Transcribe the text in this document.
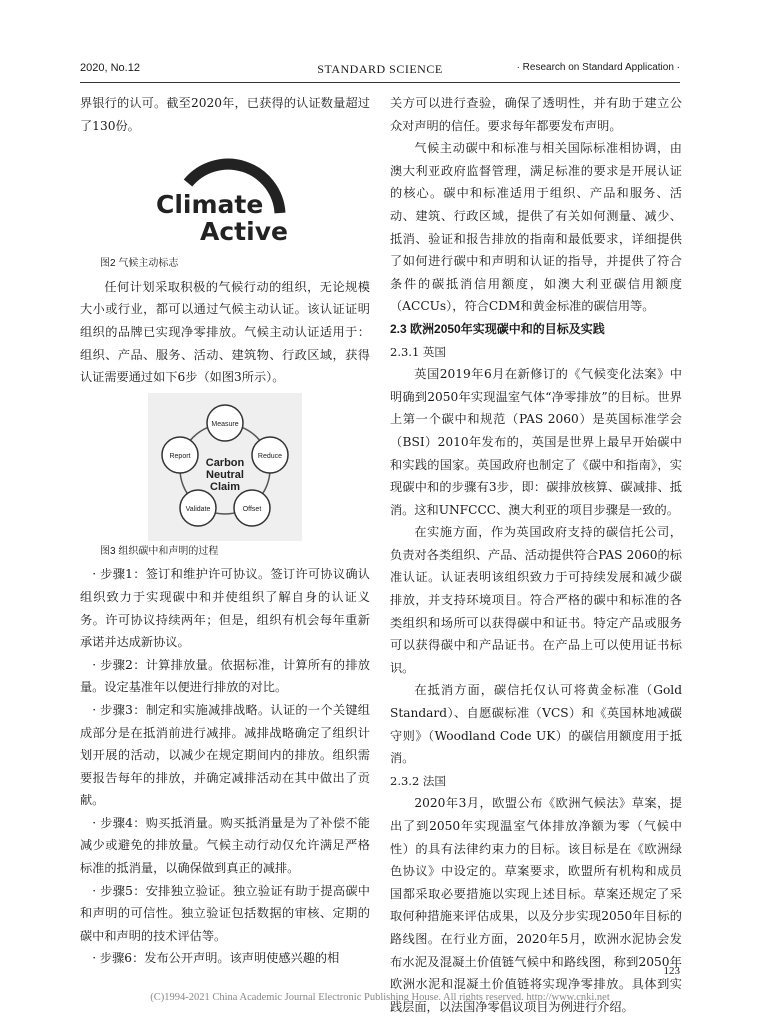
2020, No.12	STANDARD SCIENCE	· Research on Standard Application ·

界银行的认可。截至2020年，已获得的认证数量超过了130份。

Climate
Active

图2 气候主动标志

任何计划采取积极的气候行动的组织，无论规模大小或行业，都可以通过气候主动认证。该认证证明组织的品牌已实现净零排放。气候主动认证适用于：组织、产品、服务、活动、建筑物、行政区域，获得认证需要通过如下6步（如图3所示）。

Carbon
Neutral
Claim
Measure
Reduce
Offset
Validate
Report

图3 组织碳中和声明的过程

· 步骤1：签订和维护许可协议。签订许可协议确认组织致力于实现碳中和并使组织了解自身的认证义务。许可协议持续两年；但是，组织有机会每年重新承诺并达成新协议。

· 步骤2：计算排放量。依据标准，计算所有的排放量。设定基准年以便进行排放的对比。

· 步骤3：制定和实施减排战略。认证的一个关键组成部分是在抵消前进行减排。减排战略确定了组织计划开展的活动，以减少在规定期间内的排放。组织需要报告每年的排放，并确定减排活动在其中做出了贡献。

· 步骤4：购买抵消量。购买抵消量是为了补偿不能减少或避免的排放量。气候主动行动仅允许满足严格标准的抵消量，以确保做到真正的减排。

· 步骤5：安排独立验证。独立验证有助于提高碳中和声明的可信性。独立验证包括数据的审核、定期的碳中和声明的技术评估等。

· 步骤6：发布公开声明。该声明使感兴趣的相

关方可以进行查验，确保了透明性，并有助于建立公众对声明的信任。要求每年都要发布声明。

气候主动碳中和标准与相关国际标准相协调，由澳大利亚政府监督管理，满足标准的要求是开展认证的核心。碳中和标准适用于组织、产品和服务、活动、建筑、行政区域，提供了有关如何测量、减少、抵消、验证和报告排放的指南和最低要求，详细提供了如何进行碳中和声明和认证的指导，并提供了符合条件的碳抵消信用额度，如澳大利亚碳信用额度（ACCUs），符合CDM和黄金标准的碳信用等。

2.3 欧洲2050年实现碳中和的目标及实践

2.3.1 英国

英国2019年6月在新修订的《气候变化法案》中明确到2050年实现温室气体“净零排放”的目标。世界上第一个碳中和规范（PAS 2060）是英国标准学会（BSI）2010年发布的，英国是世界上最早开始碳中和实践的国家。英国政府也制定了《碳中和指南》，实现碳中和的步骤有3步，即：碳排放核算、碳减排、抵消。这和UNFCCC、澳大利亚的项目步骤是一致的。

在实施方面，作为英国政府支持的碳信托公司，负责对各类组织、产品、活动提供符合PAS 2060的标准认证。认证表明该组织致力于可持续发展和减少碳排放，并支持环境项目。符合严格的碳中和标准的各类组织和场所可以获得碳中和证书。特定产品或服务可以获得碳中和产品证书。在产品上可以使用证书标识。

在抵消方面，碳信托仅认可将黄金标准（Gold Standard）、自愿碳标准（VCS）和《英国林地减碳守则》（Woodland Code UK）的碳信用额度用于抵消。

2.3.2 法国

2020年3月，欧盟公布《欧洲气候法》草案，提出了到2050年实现温室气体排放净额为零（气候中性）的具有法律约束力的目标。该目标是在《欧洲绿色协议》中设定的。草案要求，欧盟所有机构和成员国都采取必要措施以实现上述目标。草案还规定了采取何种措施来评估成果，以及分步实现2050年目标的路线图。在行业方面，2020年5月，欧洲水泥协会发布水泥及混凝土价值链气候中和路线图，称到2050年欧洲水泥和混凝土价值链将实现净零排放。具体到实践层面，以法国净零倡议项目为例进行介绍。

123
(C)1994-2021 China Academic Journal Electronic Publishing House. All rights reserved. http://www.cnki.net
